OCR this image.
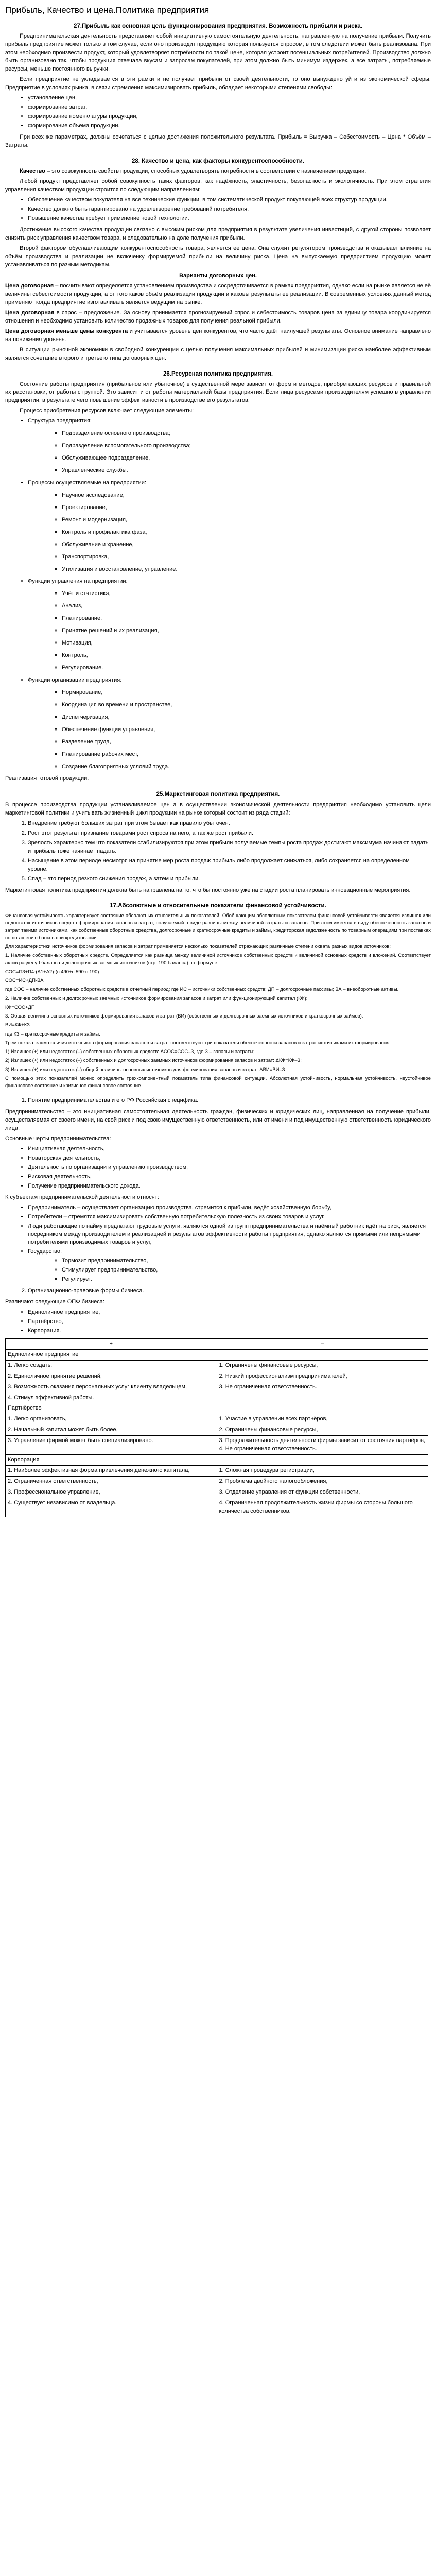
Прибыль, Качество и цена.Политика предприятия
27.Прибыль как основная цель функционирования предприятия. Возможность прибыли и риска.

Предпринимательская деятельность представляет собой инициативную самостоятельную деятельность, направленную на получение прибыли. Получить прибыль предприятие может только в том случае, если оно производит продукцию которая пользуется спросом, в том следствии может быть реализована. При этом необходимо произвести продукт, который удовлетворяет потребности по такой цене, которая устроит потенциальных потребителей. Производство должно быть организовано так, чтобы продукция отвечала вкусам и запросам покупателей, при этом должно быть минимум издержек, а все затраты, потребляемые ресурсы, меньше постоянного выручки.

Если предприятие не укладывается в эти рамки и не получает прибыли от своей деятельности, то оно вынуждено уйти из экономической сферы. Предприятие в условиях рынка, в связи стремления максимизировать прибыль, обладает некоторыми степенями свободы:

• установление цен,
• формирование затрат,
• формирование номенклатуры продукции,
• формирование объёма продукции.

При всех же параметрах, должны сочетаться с целью достижения положительного результата. Прибыль = Выручка – Себестоимость – Цена * Объём – Затраты.

28. Качество и цена, как факторы конкурентоспособности.

Качество – это совокупность свойств продукции, способных удовлетворять потребности в соответствии с назначением продукции.

Любой продукт представляет собой совокупность таких факторов, как надёжность, эластичность, безопасность и экологичность. При этом стратегия управления качеством продукции строится по следующим направлениям:

• Обеспечение качеством покупателя на все технические функции, в том систематической продукт покупающей всех структур продукции,
• Качество должно быть гарантировано на удовлетворение требований потребителя,
• Повышение качества требует применение новой технологии.

Достижение высокого качества продукции связано с высоким риском для предприятия в результате увеличения инвестиций, с другой стороны позволяет снизить риск управления качеством товара, и следовательно на доле получения прибыли.

Второй фактором обуславливающим конкурентоспособность товара, является ее цена. Она служит регулятором производства и оказывает влияние на объём производства и реализации не включенку формируемой прибыли на величину риска. Цена на выпускаемую предприятием продукцию может устанавливаться по разным методикам.

Варианты договорных цен.

Цена договорная – посчитывают определяется установлением производства и сосредоточивается в рамках предприятия, однако если на рынке является не её величины себестоимости продукции, а от того каков объём реализации продукции и каковы результаты ее реализации. В современных условиях данный метод применяют когда предприятие изготавливать является ведущим на рынке.

Цена договорная в спрос – предложение. За основу принимается прогнозируемый спрос и себестоимость товаров цена за единицу товара координируется отношения и необходимо установить количество продажных товаров для получения реальной прибыли.

Цена договорная меньше цены конкурента и учитывается уровень цен конкурентов, что часто даёт наилучшей результаты. Основное внимание направлено на понижения уровень.

В ситуации рыночной экономики в свободной конкуренции с целью получения максимальных прибылей и минимизации риска наиболее эффективным является сочетание второго и третьего типа договорных цен.

26.Ресурсная политика предприятия.

Состояние работы предприятия (прибыльное или убыточное) в существенной мере зависит от форм и методов, приобретающих ресурсов и правильной их расстановки, от работы с группой. Это зависит и от работы материальной базы предприятия. Если лица ресурсами производителям успешно в управлении предприятии, в результате чего повышение эффективности в производстве его результатов.

Процесс приобретения ресурсов включает следующие элементы:

• Структура предприятия:
◦ Подразделение основного производства;
◦ Подразделение вспомогательного производства;
◦ Обслуживающее подразделение,
◦ Управленческие службы.
• Процессы осуществляемые на предприятии:
◦ Научное исследование,
◦ Проектирование,
◦ Ремонт и модернизация,
◦ Контроль и профилактика фаза,
◦ Обслуживание и хранение,
◦ Транспортировка,
◦ Утилизация и восстановление, управление.
• Функции управления на предприятии:
◦ Учёт и статистика,
◦ Анализ,
◦ Планирование,
◦ Принятие решений и их реализация,
◦ Мотивация,
◦ Контроль,
◦ Регулирование.
• Функции организации предприятия:
◦ Нормирование,
◦ Координация во времени и пространстве,
◦ Диспетчеризация,
◦ Обеспечение функции управления,
◦ Разделение труда,
◦ Планирование рабочих мест,
◦ Создание благоприятных условий труда.

Реализация готовой продукции.

25.Маркетинговая политика предприятия.

В процессе производства продукции устанавливаемое цен а в осуществлении экономической деятельности предприятия необходимо установить цели маркетинговой политики и учитывать жизненный цикл продукции на рынке который состоит из ряда стадий:

1. Внедрение требуют больших затрат при этом бывает как правило убыточен.
2. Рост этот результат признание товарами рост спроса на него, а так же рост прибыли.
3. Зрелость характерно тем что показатели стабилизируются при этом прибыли получаемые темпы роста продаж достигают максимума начинают падать и прибыль тоже начинает падать.
4. Насыщение в этом периоде несмотря на принятие мер роста продаж прибыль либо продолжает снижаться, либо сохраняется на определенном уровне.
5. Спад – это период резкого снижения продаж, а затем и прибыли.

Маркетинговая политика предприятия должна быть направлена на то, что бы постоянно уже на стадии роста планировать инновационные мероприятия.

17.Абсолютные и относительные показатели финансовой устойчивости.

Финансовая устойчивость характеризует состояние абсолютных относительных показателей. Обобщающим абсолютным показателем финансовой устойчивости является излишек или недостаток источников средств формирования запасов и затрат, получаемый в виде разницы между величиной затраты и запасов. При этом имеется в виду обеспеченность запасов и затрат такими источниками, как собственные оборотные средства, долгосрочные и краткосрочные кредиты и займы, кредиторская задолженность по товарным операциям при поставках по погашению банков при кредитовании.

Для характеристики источников формирования запасов и затрат применяется несколько показателей отражающих различные степени охвата разных видов источников:

1. Наличие собственных оборотных средств. Определяется как разница между величиной источников собственных средств и величиной основных средств и вложений. Соответствует актив разделу I баланса и долгосрочных заемных источников (стр. 190 баланса) по формуле:

СОС=П3+П4-(А1+А2)-(с.490+с.590-с.190)

СОС=ИС+ДП-ВА

где СОС – наличие собственных оборотных средств в отчетный период; где ИС – источники собственных средств; ДП – долгосрочные пассивы; ВА – внеоборотные активы.

2. Наличие собственных и долгосрочных заемных источников формирования запасов и затрат или функционирующий капитал (КФ):

КФ=СОС+ДП

3. Общая величина основных источников формирования запасов и затрат (ВИ) (собственных и долгосрочных заемных источников и краткосрочных займов):

ВИ=КФ+КЗ

где КЗ – краткосрочные кредиты и займы.

Трем показателям наличия источников формирования запасов и затрат соответствуют три показателя обеспеченности запасов и затрат источниками их формирования:

1) Излишек (+) или недостаток (–) собственных оборотных средств: ΔСОС=СОС–З, где З – запасы и затраты;

2) Излишек (+) или недостаток (–) собственных и долгосрочных заемных источников формирования запасов и затрат: ΔКФ=КФ–З;

3) Излишек (+) или недостаток (–) общей величины основных источников для формирования запасов и затрат: ΔВИ=ВИ–З.

С помощью этих показателей можно определить трехкомпонентный показатель типа финансовой ситуации. Абсолютная устойчивость, нормальная устойчивость, неустойчивое финансовое состояние и кризисное финансовое состояние.

1. Понятие предпринимательства и его РФ Российская специфика.

Предпринимательство – это инициативная самостоятельная деятельность граждан, физических и юридических лиц, направленная на получение прибыли, осуществляемая от своего имени, на свой риск и под свою имущественную ответственность, или от имени и под имущественную ответственность юридического лица.

Основные черты предпринимательства:

• Инициативная деятельность,
• Новаторская деятельность,
• Деятельность по организации и управлению производством,
• Рисковая деятельность,
• Получение предпринимательского дохода.

К субъектам предпринимательской деятельности относят:

• Предприниматель – осуществляет организацию производства, стремится к прибыли, ведёт хозяйственную борьбу,
• Потребители – стремятся максимизировать собственную потребительскую полезность из своих товаров и услуг,
• Люди работающие по найму предлагают трудовые услуги, являются одной из групп предпринимательства и наёмный работник идёт на риск, является посредником между производителем и реализацией и результатов эффективности работы предприятия, однако являются прямыми или непрямыми потребителями производимых товаров и услуг,
• Государство:
◦ Тормозит предпринимательство,
◦ Стимулирует предпринимательство,
◦ Регулирует.
2. Организационно-правовые формы бизнеса.

Различают следующие ОПФ бизнеса:

• Единоличное предприятие,
• Партнёрство,
• Корпорация.
+	–
Единоличное предприятие	
1. Легко создать,	1. Ограничены финансовые ресурсы,
2. Единоличное принятие решений,	2. Низкий профессионализм предпринимателей,
3. Возможность оказания персональных услуг клиенту владельцем,	3. Не ограниченная ответственность.
4. Стимул эффективной работы.	
Партнёрство	
1. Легко организовать,	1. Участие в управлении всех партнёров,
2. Начальный капитал может быть более,	2. Ограничены финансовые ресурсы,
3. Управление фирмой может быть специализировано.	3. Продолжительность деятельности фирмы зависит от состояния партнёров, 4. Не ограниченная ответственность.
Корпорация	
1. Наиболее эффективная форма привлечения денежного капитала,	1. Сложная процедура регистрации,
2. Ограниченная ответственность,	2. Проблема двойного налогообложения,
3. Профессиональное управление,	3. Отделение управления от функции собственности,
4. Существует независимо от владельца.	4. Ограниченная продолжительность жизни фирмы со стороны большого количества собственников.
